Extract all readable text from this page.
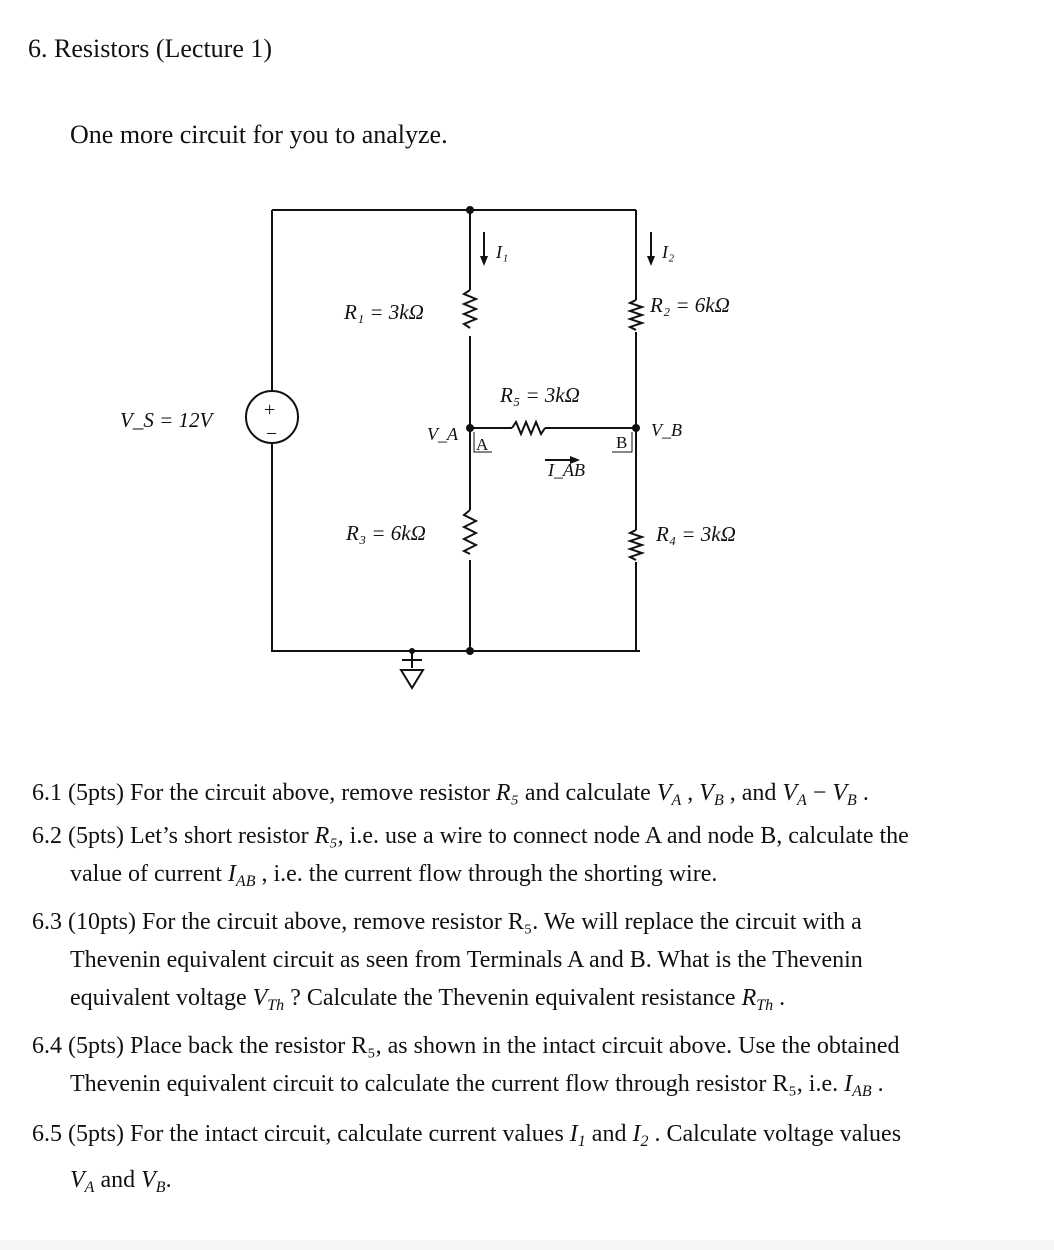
6. Resistors (Lecture 1)
One more circuit for you to analyze.
V_S = 12V	+
−
R₁ = 3kΩ	R₂ = 6kΩ
R₃ = 6kΩ	R₄ = 3kΩ
R₅ = 3kΩ
I₁	I₂
V_A	V_B
A	B
I_AB
6.1 (5pts) For the circuit above, remove resistor R₅ and calculate $V_A$ , $V_B$ , and $V_A - V_B$ .
6.2 (5pts) Let’s short resistor R₅, i.e. use a wire to connect node A and node B, calculate the
value of current $I_{AB}$ , i.e. the current flow through the shorting wire.
6.3 (10pts) For the circuit above, remove resistor R₅. We will replace the circuit with a
Thevenin equivalent circuit as seen from Terminals A and B. What is the Thevenin
equivalent voltage $V_{Th}$ ? Calculate the Thevenin equivalent resistance $R_{Th}$ .
6.4 (5pts) Place back the resistor R₅, as shown in the intact circuit above. Use the obtained
Thevenin equivalent circuit to calculate the current flow through resistor R₅, i.e. $I_{AB}$ .
6.5 (5pts) For the intact circuit, calculate current values $I_1$ and $I_2$ . Calculate voltage values
$V_A$ and $V_B$.
